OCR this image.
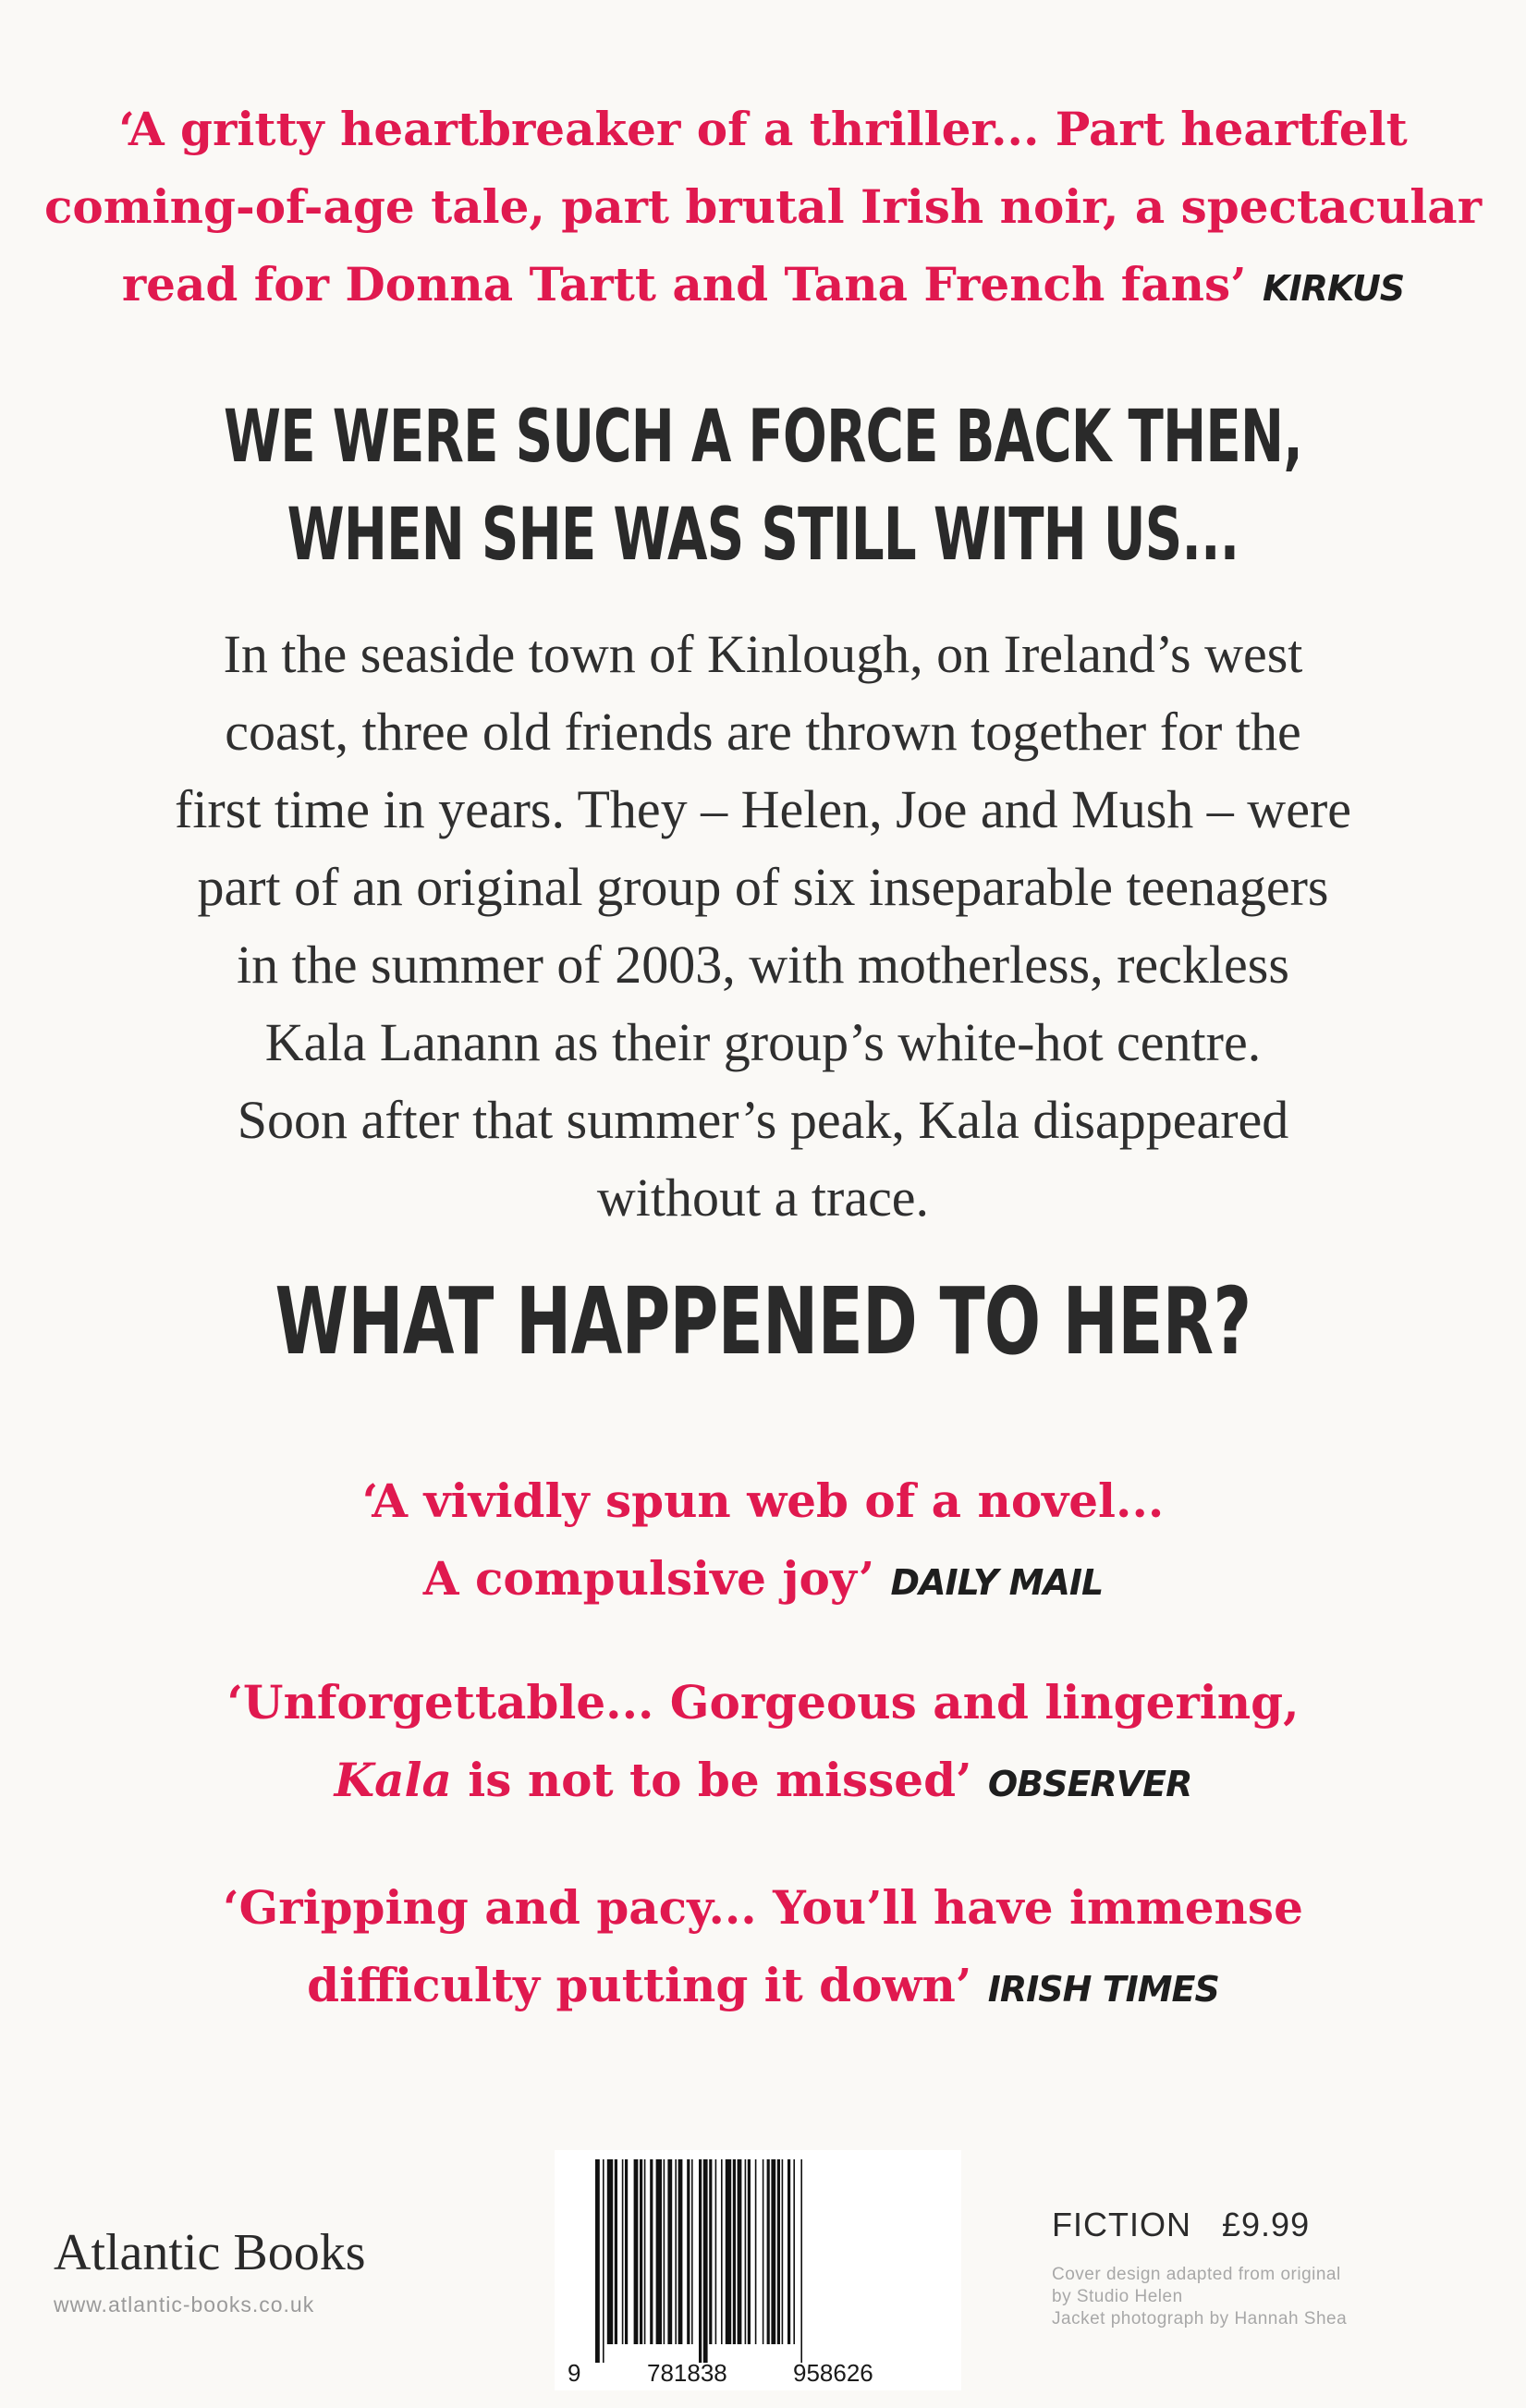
‘A gritty heartbreaker of a thriller... Part heartfelt
coming-of-age tale, part brutal Irish noir, a spectacular
read for Donna Tartt and Tana French fans’ KIRKUS
WE WERE SUCH A FORCE BACK THEN,
WHEN SHE WAS STILL WITH US...
In the seaside town of Kinlough, on Ireland’s west
coast, three old friends are thrown together for the
first time in years. They – Helen, Joe and Mush – were
part of an original group of six inseparable teenagers
in the summer of 2003, with motherless, reckless
Kala Lanann as their group’s white-hot centre.
Soon after that summer’s peak, Kala disappeared
without a trace.
WHAT HAPPENED TO HER?
‘A vividly spun web of a novel...
A compulsive joy’ DAILY MAIL
‘Unforgettable... Gorgeous and lingering,
Kala is not to be missed’ OBSERVER
‘Gripping and pacy... You’ll have immense
difficulty putting it down’ IRISH TIMES
Atlantic Books
www.atlantic-books.co.uk
9	781838	958626
FICTION £9.99
Cover design adapted from original
by Studio Helen
Jacket photograph by Hannah Shea
